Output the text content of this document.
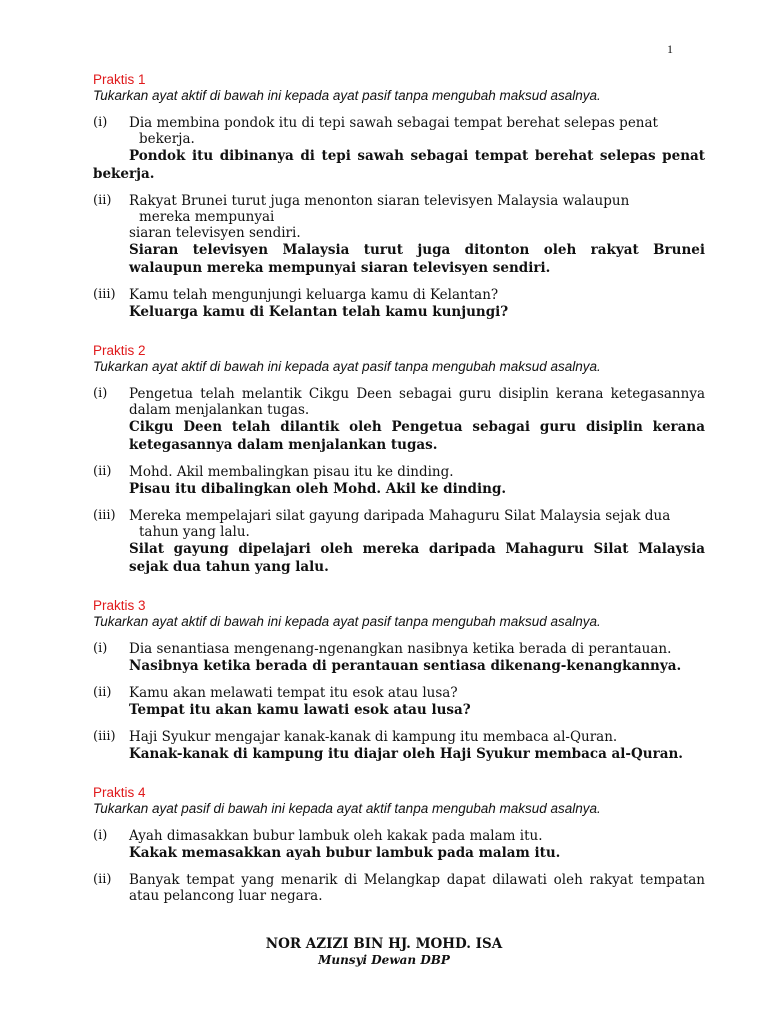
1
Praktis 1
Tukarkan ayat aktif di bawah ini kepada ayat pasif tanpa mengubah maksud asalnya.
(i)	Dia membina pondok itu di tepi sawah sebagai tempat berehat selepas penat
bekerja.
Pondok itu dibinanya di tepi sawah sebagai tempat berehat selepas penat bekerja.
(ii)	Rakyat Brunei turut juga menonton siaran televisyen Malaysia walaupun
mereka mempunyai
siaran televisyen sendiri.
Siaran televisyen Malaysia turut juga ditonton oleh rakyat Brunei walaupun mereka mempunyai siaran televisyen sendiri.
(iii) Kamu telah mengunjungi keluarga kamu di Kelantan?
Keluarga kamu di Kelantan telah kamu kunjungi?
Praktis 2
Tukarkan ayat aktif di bawah ini kepada ayat pasif tanpa mengubah maksud asalnya.
(i)	Pengetua telah melantik Cikgu Deen sebagai guru disiplin kerana ketegasannya dalam menjalankan tugas.
Cikgu Deen telah dilantik oleh Pengetua sebagai guru disiplin kerana ketegasannya dalam menjalankan tugas.
(ii)	Mohd. Akil membalingkan pisau itu ke dinding.
Pisau itu dibalingkan oleh Mohd. Akil ke dinding.
(iii) Mereka mempelajari silat gayung daripada Mahaguru Silat Malaysia sejak dua
tahun yang lalu.
Silat gayung dipelajari oleh mereka daripada Mahaguru Silat Malaysia sejak dua tahun yang lalu.
Praktis 3
Tukarkan ayat aktif di bawah ini kepada ayat pasif tanpa mengubah maksud asalnya.
(i)	Dia senantiasa mengenang-ngenangkan nasibnya ketika berada di perantauan.
Nasibnya ketika berada di perantauan sentiasa dikenang-kenangkannya.
(ii)	Kamu akan melawati tempat itu esok atau lusa?
Tempat itu akan kamu lawati esok atau lusa?
(iii) Haji Syukur mengajar kanak-kanak di kampung itu membaca al-Quran.
Kanak-kanak di kampung itu diajar oleh Haji Syukur membaca al-Quran.
Praktis 4
Tukarkan ayat pasif di bawah ini kepada ayat aktif tanpa mengubah maksud asalnya.
(i)	Ayah dimasakkan bubur lambuk oleh kakak pada malam itu.
Kakak memasakkan ayah bubur lambuk pada malam itu.
(ii)	Banyak tempat yang menarik di Melangkap dapat dilawati oleh rakyat tempatan atau pelancong luar negara.
NOR AZIZI BIN HJ. MOHD. ISA
Munsyi Dewan DBP
